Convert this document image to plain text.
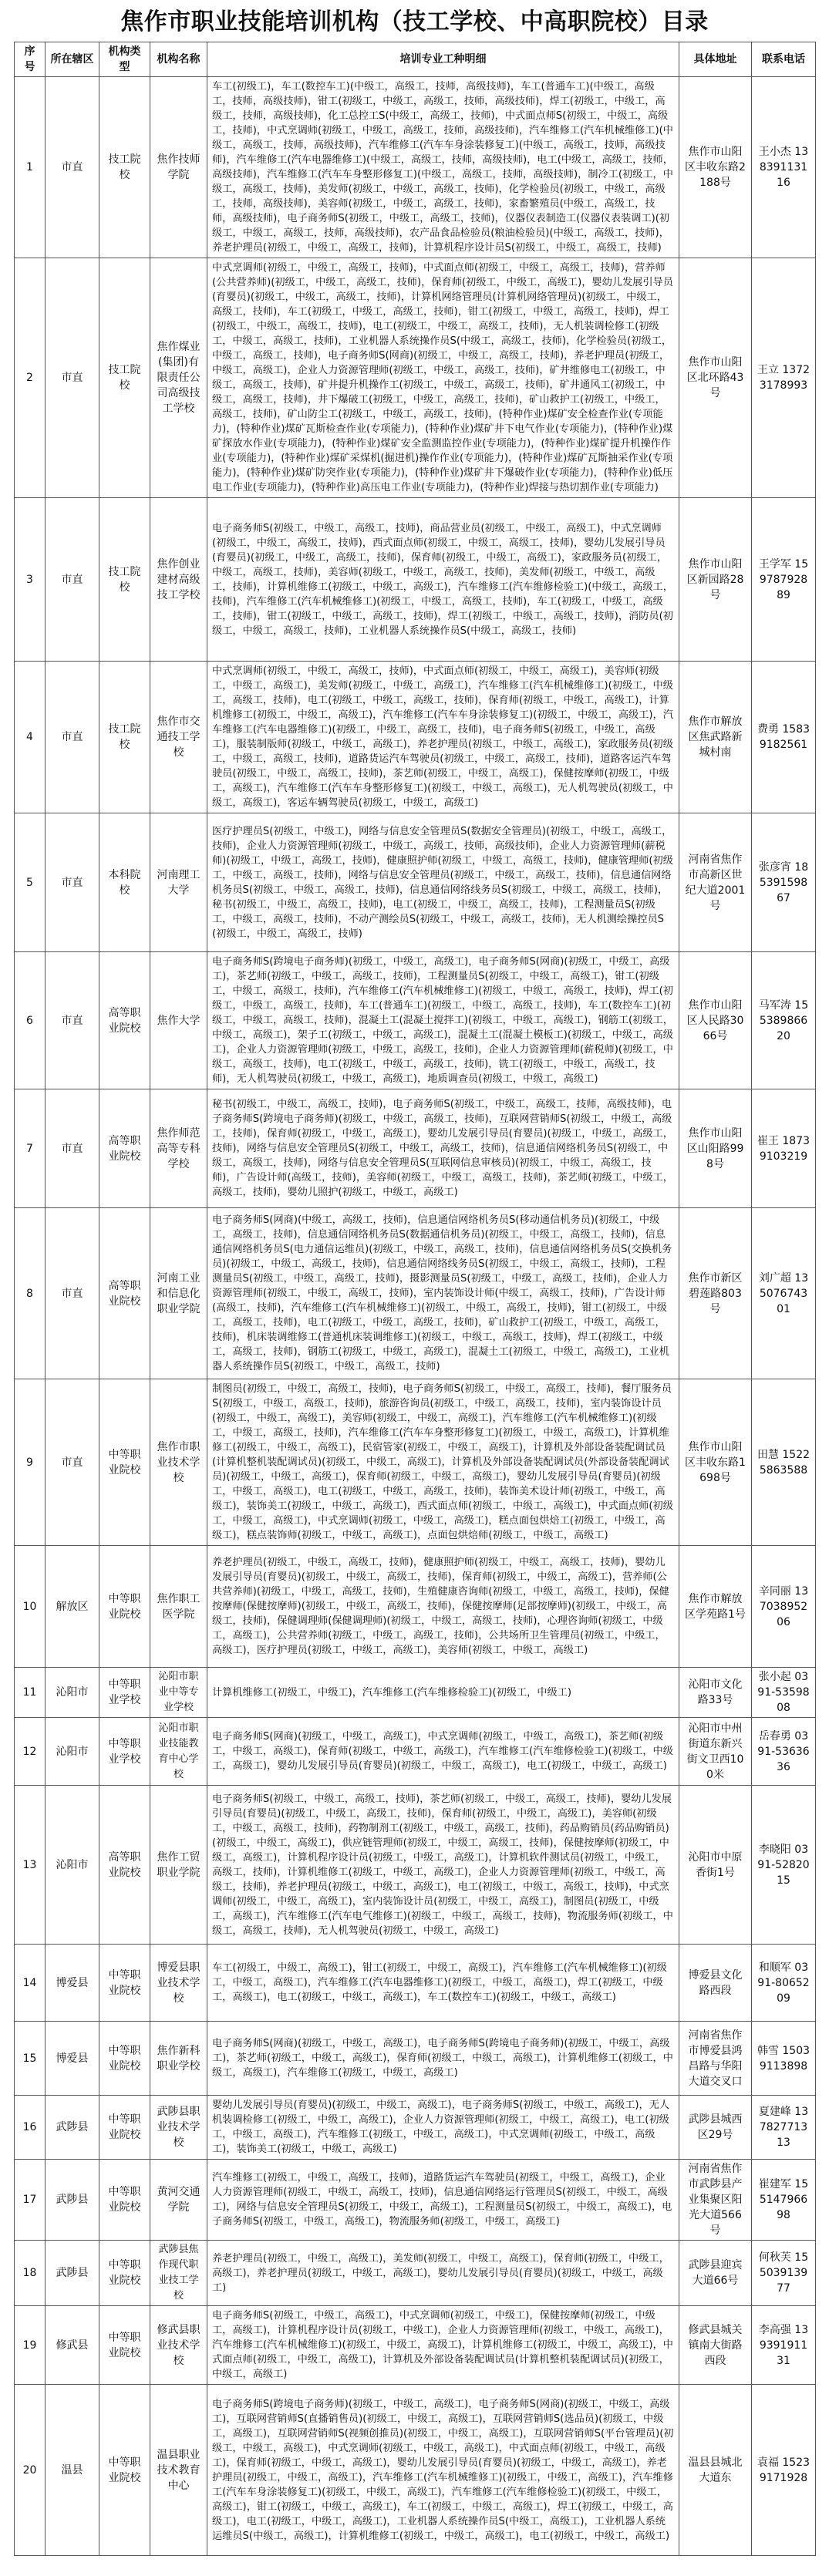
焦作市职业技能培训机构（技工学校、中高职院校）目录
序号	所在辖区	机构类型	机构名称	培训专业工种明细	具体地址	联系电话
1	市直	技工院校	焦作技师学院	车工(初级工)，车工(数控车工)(中级工，高级工，技师，高级技师)，车工(普通车工)(中级工，高级工，技师，高级技师)，钳工(初级工，中级工，高级工，技师，高级技师)，焊工(初级工，中级工，高级工，技师，高级技师)，化工总控工S(中级工，高级工，技师)，中式面点师S(初级工，中级工，高级工，技师)，中式烹调师(初级工，中级工，高级工，技师，高级技师)，汽车维修工(汽车机械维修工)(中级工，高级工，技师，高级技师)，汽车维修工(汽车车身涂装修复工)(中级工，高级工，技师，高级技师)，汽车维修工(汽车电器维修工)(中级工，高级工，技师，高级技师)，电工(中级工，高级工，技师，高级技师)，汽车维修工(汽车车身整形修复工)(中级工，高级工，技师，高级技师)，制冷工(初级工，中级工，高级工，技师)，美发师(初级工，中级工，高级工，技师)，化学检验员(初级工，中级工，高级工，技师，高级技师)，美容师(初级工，中级工，高级工，技师)，家畜繁殖员(中级工，高级工，技师，高级技师)，电子商务师S(初级工，中级工，高级工，技师)，仪器仪表制造工(仪器仪表装调工)(初级工，中级工，高级工，技师，高级技师)，农产品食品检验员(粮油检验员)(中级工，高级工，技师)，养老护理员(初级工，中级工，高级工，技师)，计算机程序设计员S(初级工，中级工，高级工，技师)	焦作市山阳区丰收东路2188号	王小杰 13839113116
2	市直	技工院校	焦作煤业(集团)有限责任公司高级技工学校	中式烹调师(初级工，中级工，高级工，技师)，中式面点师(初级工，中级工，高级工，技师)，营养师(公共营养师)(初级工，中级工，高级工，技师)，保育师(初级工，中级工，高级工)，婴幼儿发展引导员(育婴员)(初级工，中级工，高级工，技师)，计算机网络管理员(计算机网络管理员)(初级工，中级工，高级工，技师)，车工(初级工，中级工，高级工，技师)，钳工(初级工，中级工，高级工，技师)，焊工(初级工，中级工，高级工，技师)，电工(初级工，中级工，高级工，技师)，无人机装调检修工(初级工，中级工，高级工，技师)，工业机器人系统操作员S(中级工，高级工，技师)，化学检验员(初级工，中级工，高级工，技师)，电子商务师S(网商)(初级工，中级工，高级工，技师)，养老护理员(初级工，中级工，高级工)，企业人力资源管理师(初级工，中级工，高级工，技师)，矿井维修电工(初级工，中级工，高级工，技师)，矿井提升机操作工(初级工，中级工，高级工，技师)，矿井通风工(初级工，中级工，高级工，技师)，井下爆破工(初级工，中级工，高级工，技师)，矿山救护工(初级工，中级工，高级工，技师)，矿山防尘工(初级工，中级工，高级工，技师)，(特种作业)煤矿安全检查作业(专项能力)，(特种作业)煤矿瓦斯检查作业(专项能力)，(特种作业)煤矿井下电气作业(专项能力)，(特种作业)煤矿探放水作业(专项能力)，(特种作业)煤矿安全监测监控作业(专项能力)，(特种作业)煤矿提升机操作作业(专项能力)，(特种作业)煤矿采煤机(掘进机)操作作业(专项能力)，(特种作业)煤矿瓦斯抽采作业(专项能力)，(特种作业)煤矿防突作业(专项能力)，(特种作业)煤矿井下爆破作业(专项能力)，(特种作业)低压电工作业(专项能力)，(特种作业)高压电工作业(专项能力)，(特种作业)焊接与热切割作业(专项能力)	焦作市山阳区北环路43号	王立 13723178993
3	市直	技工院校	焦作创业建材高级技工学校	电子商务师S(初级工，中级工，高级工，技师)，商品营业员(初级工，中级工，高级工)，中式烹调师(初级工，中级工，高级工，技师)，西式面点师(初级工，中级工，高级工，技师)，婴幼儿发展引导员(育婴员)(初级工，中级工，高级工，技师)，保育师(初级工，中级工，高级工)，家政服务员(初级工，中级工，高级工，技师)，美容师(初级工，中级工，高级工，技师)，美发师(初级工，中级工，高级工，技师)，计算机维修工(初级工，中级工，高级工)，汽车维修工(汽车维修检验工)(中级工，高级工，技师)，汽车维修工(汽车机械维修工)(初级工，中级工，高级工，技师)，车工(初级工，中级工，高级工，技师)，钳工(初级工，中级工，高级工，技师)，焊工(初级工，中级工，高级工，技师)，消防员(初级工，中级工，高级工，技师)，工业机器人系统操作员S(中级工，高级工，技师)	焦作市山阳区新园路28号	王学军 15978792889
4	市直	技工院校	焦作市交通技工学校	中式烹调师(初级工，中级工，高级工，技师)，中式面点师(初级工，中级工，高级工)，美容师(初级工，中级工，高级工)，美发师(初级工，中级工，高级工)，汽车维修工(汽车机械维修工)(初级工，中级工，高级工，技师)，电工(初级工，中级工，高级工，技师)，保育师(初级工，中级工，高级工)，计算机维修工(初级工，中级工，高级工)，汽车维修工(汽车车身涂装修复工)(初级工，中级工，高级工)，汽车维修工(汽车电器维修工)(初级工，中级工，高级工，技师)，电子商务师S(初级工，中级工，高级工)，服装制版师(初级工，中级工，高级工)，养老护理员(初级工，中级工，高级工)，家政服务员(初级工，中级工，高级工，技师)，道路货运汽车驾驶员(初级工，中级工，高级工，技师)，道路客运汽车驾驶员(初级工，中级工，高级工，技师)，茶艺师(初级工，中级工，高级工)，保健按摩师(初级工，中级工，高级工)，汽车维修工(汽车车身整形修复工)(初级工，中级工，高级工)，无人机驾驶员(初级工，中级工，高级工)，客运车辆驾驶员(初级工，中级工，高级工)	焦作市解放区焦武路新城村南	费勇 15839182561
5	市直	本科院校	河南理工大学	医疗护理员S(初级工，中级工)，网络与信息安全管理员S(数据安全管理员)(初级工，中级工，高级工，技师)，企业人力资源管理师(初级工，中级工，高级工，技师，高级技师)，企业人力资源管理师(薪税师)(初级工，中级工，高级工，技师)，健康照护师(初级工，中级工，高级工，技师)，健康管理师(初级工，中级工，高级工，技师)，网络与信息安全管理员(初级工，中级工，高级工，技师)，信息通信网络机务员S(初级工，中级工，高级工，技师)，信息通信网络线务员S(初级工，中级工，高级工，技师)，秘书(初级工，中级工，高级工，技师)，电工(初级工，中级工，高级工，技师)，工程测量员S(初级工，中级工，高级工，技师)，不动产测绘员S(初级工，中级工，高级工，技师)，无人机测绘操控员S(初级工，中级工，高级工，技师)	河南省焦作市高新区世纪大道2001号	张彦宵 18539159867
6	市直	高等职业院校	焦作大学	电子商务师S(跨境电子商务师)(初级工，中级工，高级工)，电子商务师S(网商)(初级工，中级工，高级工)，茶艺师(初级工，中级工，高级工，技师)，工程测量员S(初级工，中级工，高级工)，钳工(初级工，中级工，高级工，技师)，汽车维修工(汽车机械维修工)(初级工，中级工，高级工，技师)，焊工(初级工，中级工，高级工，技师)，车工(普通车工)(初级工，中级工，高级工，技师)，车工(数控车工)(初级工，中级工，高级工，技师)，混凝土工(混凝土搅拌工)(初级工，中级工，高级工)，钢筋工(初级工，中级工，高级工)，架子工(初级工，中级工，高级工)，混凝土工(混凝土模板工)(初级工，中级工，高级工)，企业人力资源管理师(初级工，中级工，高级工，技师)，企业人力资源管理师(薪税师)(初级工，中级工，高级工，技师)，电工(初级工，中级工，高级工，技师)，铣工(初级工，中级工，高级工，技师)，无人机驾驶员(初级工，中级工，高级工)，地质调查员(初级工，中级工，高级工)	焦作市山阳区人民路3066号	马军涛 15538986620
7	市直	高等职业院校	焦作师范高等专科学校	秘书(初级工，中级工，高级工，技师)，电子商务师S(初级工，中级工，高级工，技师，高级技师)，电子商务师S(跨境电子商务师)(初级工，中级工，高级工，技师)，互联网营销师S(初级工，中级工，高级工，技师)，保育师(初级工，中级工，高级工)，婴幼儿发展引导员(育婴员)(初级工，中级工，高级工，技师)，网络与信息安全管理员S(初级工，中级工，高级工，技师)，信息通信网络机务员S(初级工，中级工，高级工，技师)，网络与信息安全管理员S(互联网信息审核员)(初级工，中级工，高级工，技师)，广告设计师(高级工，技师)，美容师(初级工，中级工，高级工，技师)，茶艺师(初级工，中级工，高级工，技师)，婴幼儿照护(初级工，中级工，高级工)	焦作市山阳区山阳路998号	崔王 18739103219
8	市直	高等职业院校	河南工业和信息化职业学院	电子商务师S(网商)(中级工，高级工，技师)，信息通信网络机务员S(移动通信机务员)(初级工，中级工，高级工，技师)，信息通信网络机务员S(数据通信机务员)(初级工，中级工，高级工，技师)，信息通信网络机务员S(电力通信运维员)(初级工，中级工，高级工，技师)，信息通信网络机务员S(交换机务员)(初级工，中级工，高级工，技师)，信息通信网络线务员S(初级工，中级工，高级工，技师)，工程测量员S(初级工，中级工，高级工，技师)，摄影测量员S(初级工，中级工，高级工，技师)，企业人力资源管理师(初级工，中级工，高级工，技师)，室内装饰设计师(中级工，高级工，技师)，广告设计师(高级工，技师)，汽车维修工(汽车机械维修工)(初级工，中级工，高级工，技师)，钳工(初级工，中级工，高级工，技师)，电工(初级工，中级工，高级工，技师)，矿山救护工(初级工，中级工，高级工，技师)，机床装调维修工(普通机床装调维修工)(初级工，中级工，高级工，技师)，焊工(初级工，中级工，高级工，技师)，钢筋工(初级工，中级工，高级工)，混凝土工(初级工，中级工，高级工)，工业机器人系统操作员S(初级工，中级工，高级工，技师)	焦作市新区碧莲路803号	刘广超 13507674301
9	市直	中等职业院校	焦作市职业技术学校	制图员(初级工，中级工，高级工，技师)，电子商务师S(初级工，中级工，高级工，技师)，餐厅服务员S(初级工，中级工，高级工，技师)，旅游咨询员(初级工，中级工，高级工，技师)，室内装饰设计员(初级工，中级工，高级工)，美容师(初级工，中级工，高级工)，汽车维修工(汽车机械维修工)(初级工，中级工，高级工，技师)，汽车维修工(汽车车身整形修复工)(初级工，中级工，高级工)，计算机维修工(初级工，中级工，高级工)，民宿管家(初级工，中级工，高级工)，计算机及外部设备装配调试员(计算机整机装配调试员)(初级工，中级工，高级工)，计算机及外部设备装配调试员(外部设备装配调试员)(初级工，中级工，高级工)，保育师(初级工，中级工，高级工)，婴幼儿发展引导员(育婴员)(初级工，中级工，高级工)，电工(初级工，中级工，高级工，技师)，装饰美术设计师(初级工，中级工，高级工)，装饰美工(初级工，中级工，高级工)，西式面点师(初级工，中级工，高级工)，中式面点师(初级工，中级工，高级工)，中式烹调师(初级工，中级工，高级工)，糕点面包烘焙工(初级工，中级工，高级工)，糕点装饰师(初级工，中级工，高级工)，点面包烘焙师(初级工，中级工，高级工)	焦作市山阳区丰收东路1698号	田慧 15225863588
10	解放区	中等职业院校	焦作职工医学院	养老护理员(初级工，中级工，高级工，技师)，健康照护师(初级工，中级工，高级工，技师)，婴幼儿发展引导员(育婴员)(初级工，中级工，高级工，技师)，保育师(初级工，中级工，高级工)，营养师(公共营养师)(初级工，中级工，高级工，技师)，生殖健康咨询师(初级工，中级工，高级工，技师)，保健按摩师(保健按摩师)(初级工，中级工，高级工，技师)，保健按摩师(足部按摩师)(初级工，中级工，高级工，技师)，保健调理师(保健调理师)(初级工，中级工，高级工，技师)，心理咨询师(初级工，中级工，高级工)，公共营养师(初级工，中级工，高级工，技师)，公共场所卫生管理员(初级工，中级工，高级工)，医疗护理员(初级工，中级工，高级工)，美容师(初级工，中级工，高级工)	焦作市解放区学苑路1号	辛同丽 13703895206
11	沁阳市	中等职业学校	沁阳市职业中等专业学校	计算机维修工(初级工，中级工)，汽车维修工(汽车维修检验工)(初级工，中级工)	沁阳市文化路33号	张小起 0391-5359808
12	沁阳市	中等职业学校	沁阳市职业技能教育中心学校	电子商务师S(网商)(初级工，中级工，高级工)，中式烹调师(初级工，中级工，高级工)，茶艺师(初级工，中级工，高级工)，保育师(初级工，中级工，高级工)，汽车维修工(汽车维修检验工)(初级工，中级工，高级工)，婴幼儿发展引导员(育婴员)(初级工，中级工，高级工)，电工(初级工，中级工，高级工)	沁阳市中州街道东新兴街文卫西100米	岳春勇 0391-5363636
13	沁阳市	高等职业院校	焦作工贸职业学院	电子商务师S(初级工，中级工，高级工，技师)，茶艺师(初级工，中级工，高级工，技师)，婴幼儿发展引导员(育婴员)(初级工，中级工，高级工，技师)，保育师(初级工，中级工，高级工)，美容师(初级工，中级工，高级工，技师)，药物制剂工(初级工，中级工，高级工，技师)，药品购销员(药品购销员)(初级工，中级工，高级工)，供应链管理师(初级工，中级工，高级工，技师)，保健按摩师(初级工，中级工，高级工)，计算机程序设计员(初级工，中级工，高级工)，计算机软件测试员(初级工，中级工，高级工，技师)，计算机维修工(初级工，中级工，高级工)，企业人力资源管理师(初级工，中级工，高级工，技师)，养老护理员(初级工，中级工，高级工)，电工(初级工，中级工，高级工，技师)，中式烹调师(初级工，中级工，高级工)，室内装饰设计员(初级工，中级工，高级工)，制图员(初级工，中级工，高级工)，汽车维修工(汽车电气维修工)(初级工，中级工，高级工，技师)，物流服务师(初级工，中级工，高级工，技师)，无人机驾驶员(初级工，中级工，高级工)	沁阳市中原香街1号	李晓阳 0391-5282015
14	博爱县	中等职业院校	博爱县职业技术学校	车工(初级工，中级工，高级工)，钳工(初级工，中级工，高级工)，汽车维修工(汽车机械维修工)(初级工，中级工，高级工)，汽车维修工(汽车电器维修工)(初级工，中级工，高级工)，焊工(初级工，中级工，高级工)，电工(初级工，中级工，高级工)，车工(数控车工)(初级工，中级工，高级工)	博爱县文化路西段	和顺军 0391-8065209
15	博爱县	中等职业院校	焦作新科职业学校	电子商务师S(网商)(初级工，中级工，高级工)，电子商务师S(跨境电子商务师)(初级工，中级工，高级工)，茶艺师(初级工，中级工，高级工)，保育师(初级工，中级工，高级工)，计算机维修工(初级工，中级工，高级工)，汽车维修工(初级工，中级工，高级工)	河南省焦作市博爱县鸿昌路与华阳大道交叉口	韩雪 15039113898
16	武陟县	中等职业院校	武陟县职业技术学校	婴幼儿发展引导员(育婴员)(初级工，中级工，高级工)，电子商务师S(初级工，中级工，高级工)，无人机装调检修工(初级工，中级工，高级工)，企业人力资源管理师(初级工，中级工，高级工)，电工(初级工，中级工，高级工)，汽车维修工(初级工，中级工，高级工)，中式烹调师(初级工，中级工，高级工)，装饰美工(初级工，中级工，高级工)	武陟县城西区29号	夏建峰 13782771313
17	武陟县	中等职业院校	黄河交通学院	汽车维修工(初级工，中级工，高级工，技师)，道路货运汽车驾驶员(初级工，中级工，高级工)，企业人力资源管理师(初级工，中级工，高级工，技师)，信息通信网络运行管理员S(初级工，中级工，高级工)，网络与信息安全管理员S(初级工，中级工，高级工)，工程测量员S(初级工，中级工，高级工)，电子商务师S(初级工，中级工，高级工)，物流服务师(初级工，中级工，高级工)	河南省焦作市武陟县产业集聚区阳光大道566号	崔建军 15514796698
18	武陟县	中等职业院校	武陟县焦作现代职业技工学校	养老护理员(初级工，中级工，高级工)，美发师(初级工，中级工，高级工)，保育师(初级工，中级工，高级工)，养老护理员(初级工，中级工，高级工)，婴幼儿发展引导员(育婴员)(初级工，中级工，高级工)	武陟县迎宾大道66号	何秋芙 15503913977
19	修武县	中等职业院校	修武县职业技术学校	电子商务师S(初级工，中级工，高级工)，中式烹调师(初级工，中级工)，保健按摩师(初级工，中级工，高级工)，计算机程序设计员(初级工，中级工)，企业人力资源管理师(初级工，中级工，高级工)，汽车维修工(汽车机械维修工)(初级工，中级工，高级工)，计算机维修工(初级工，中级工，高级工)，中式面点师(初级工，中级工，高级工)，计算机及外部设备装配调试员(计算机整机装配调试员)(初级工，中级工，高级工)	修武县城关镇南大街路西段	李高强 13939191131
20	温县	中等职业院校	温县职业技术教育中心	电子商务师S(跨境电子商务师)(初级工，中级工，高级工)，电子商务师S(网商)(初级工，中级工，高级工)，互联网营销师S(直播销售员)(初级工，中级工，高级工)，互联网营销师S(选品员)(初级工，中级工，高级工)，互联网营销师S(视频创推员)(初级工，中级工，高级工)，互联网营销师S(平台管理员)(初级工，中级工，高级工)，中式烹调师(初级工，中级工，高级工)，中式面点师(初级工，中级工，高级工)，保育师(初级工，中级工，高级工)，婴幼儿发展引导员(育婴员)(初级工，中级工，高级工)，养老护理员(初级工，中级工，高级工)，汽车维修工(汽车机械维修工)(初级工，中级工，高级工)，汽车维修工(汽车车身涂装修复工)(初级工，中级工，高级工)，汽车维修工(汽车维修检验工)(初级工，中级工，高级工)，钳工(初级工，中级工，高级工)，车工(初级工，中级工，高级工)，焊工(初级工，中级工，高级工)，电工(初级工，中级工，高级工)，工业机器人系统操作员S(中级工，高级工)，工业机器人系统运维员S(中级工，高级工)，计算机维修工(初级工，中级工，高级工)，电工(初级工，中级工，高级工)	温县县城北大道东	袁福 15239171928
